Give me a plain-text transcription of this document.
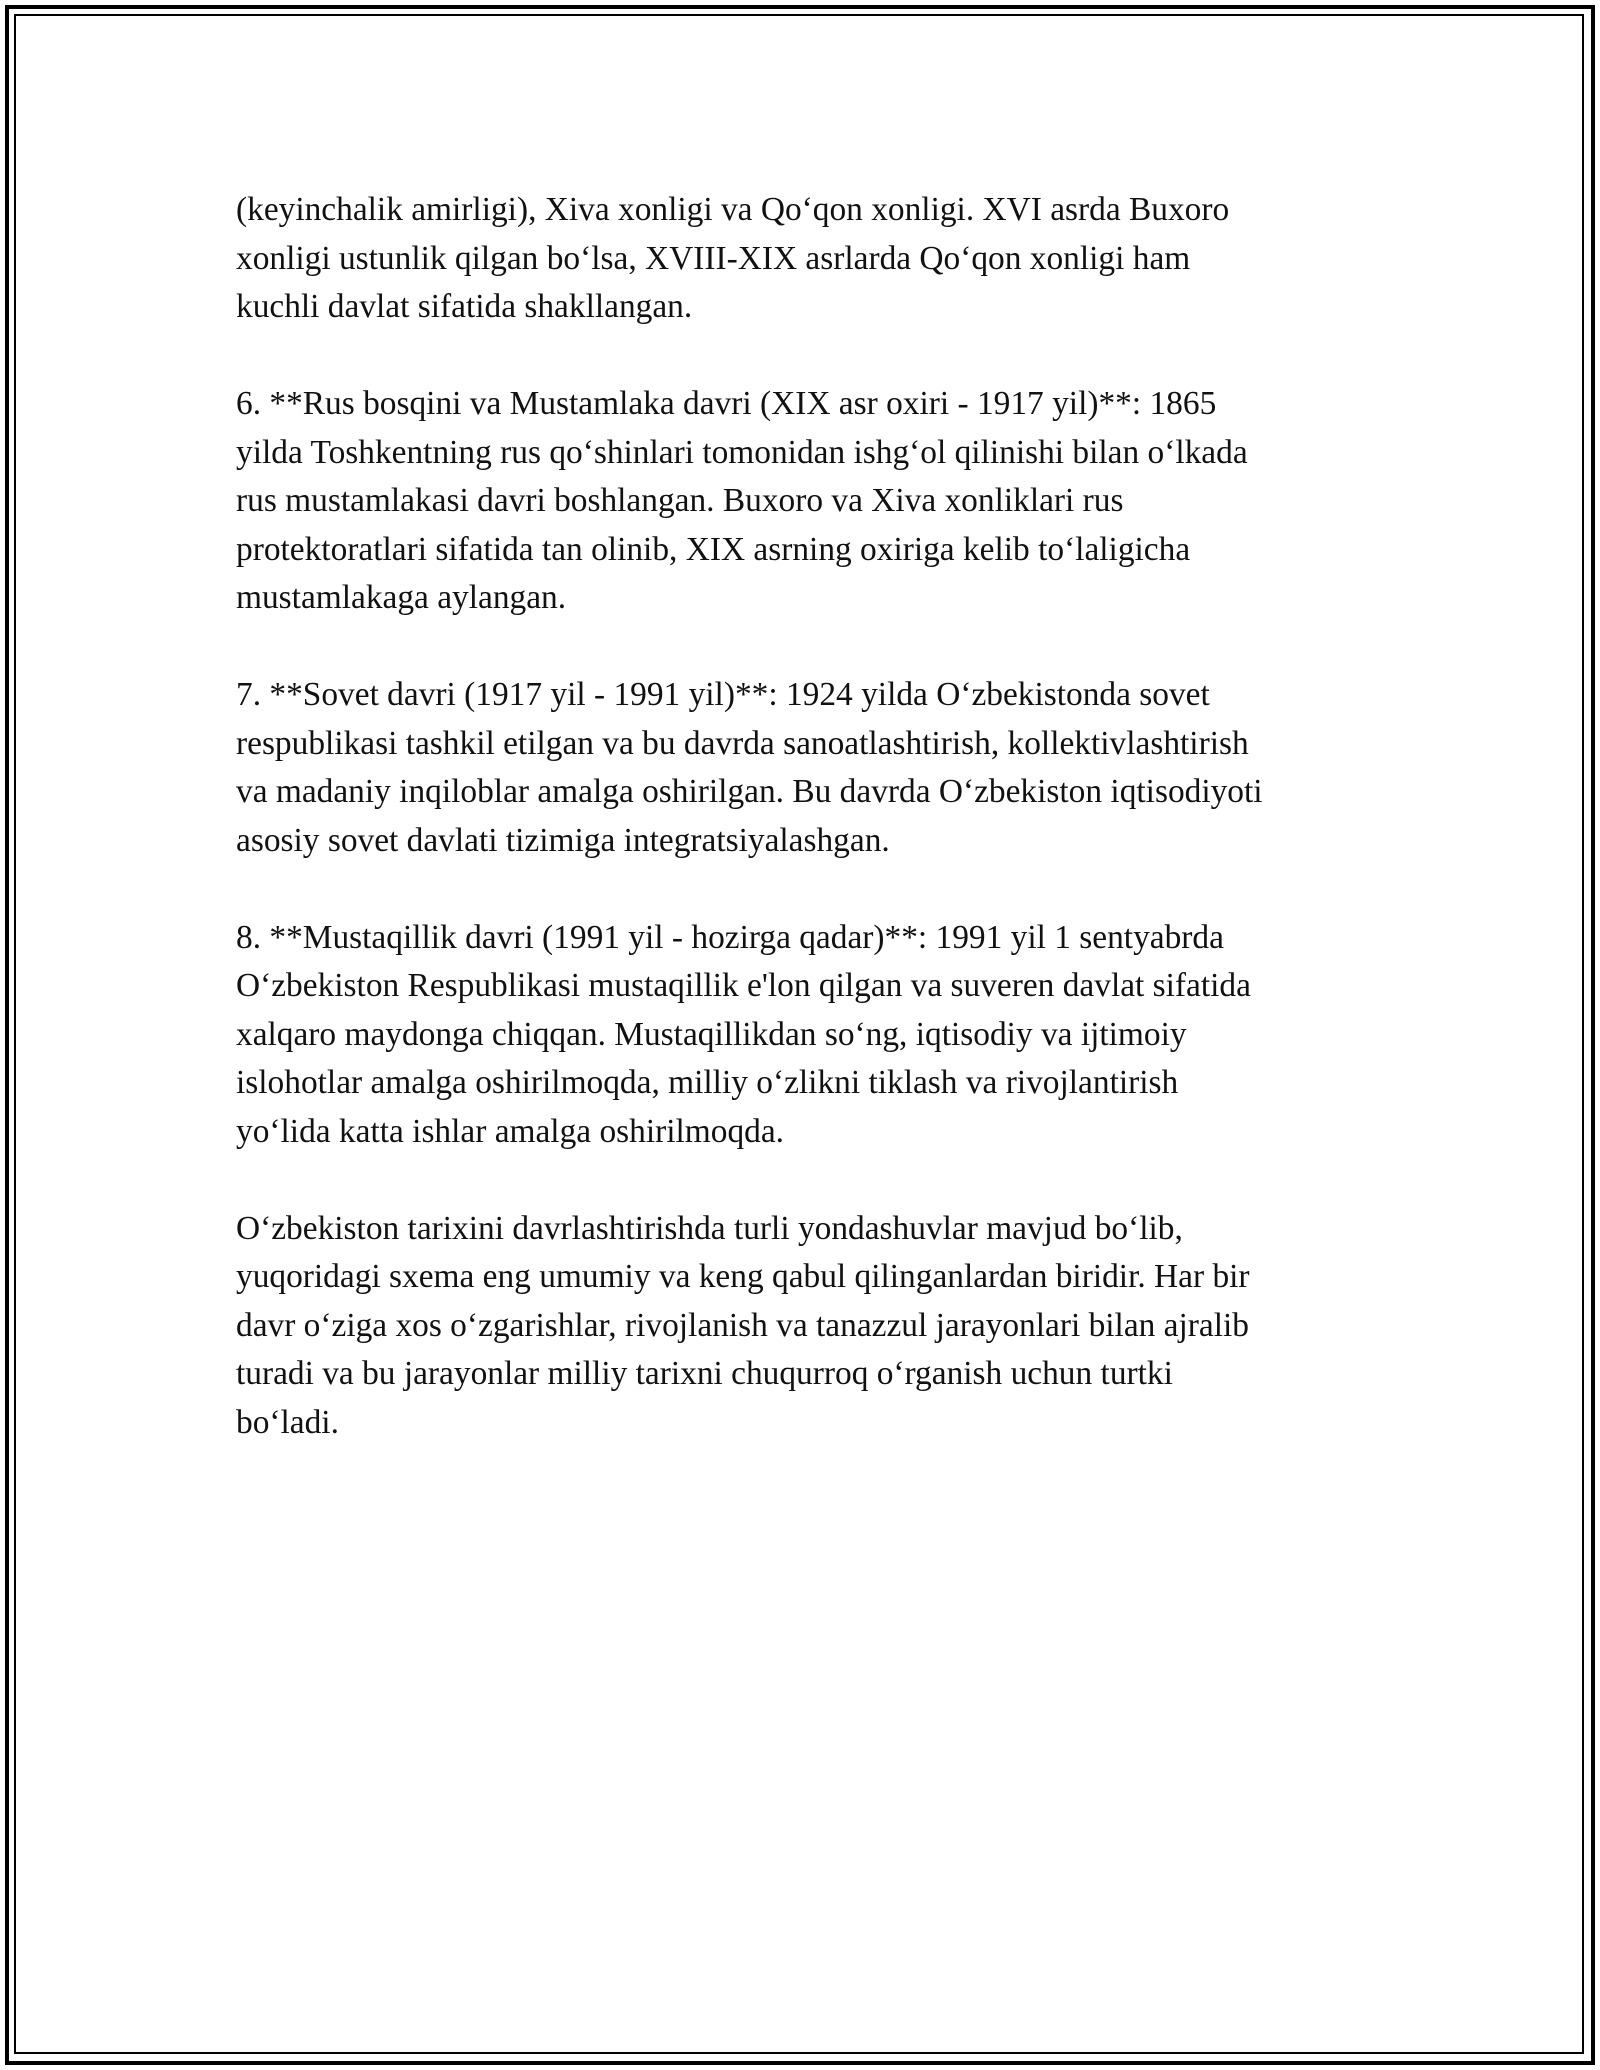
(keyinchalik amirligi), Xiva xonligi va Qo‘qon xonligi. XVI asrda Buxoro
xonligi ustunlik qilgan bo‘lsa, XVIII-XIX asrlarda Qo‘qon xonligi ham
kuchli davlat sifatida shakllangan.

6. **Rus bosqini va Mustamlaka davri (XIX asr oxiri - 1917 yil)**: 1865
yilda Toshkentning rus qo‘shinlari tomonidan ishg‘ol qilinishi bilan o‘lkada
rus mustamlakasi davri boshlangan. Buxoro va Xiva xonliklari rus
protektoratlari sifatida tan olinib, XIX asrning oxiriga kelib to‘laligicha
mustamlakaga aylangan.

7. **Sovet davri (1917 yil - 1991 yil)**: 1924 yilda O‘zbekistonda sovet
respublikasi tashkil etilgan va bu davrda sanoatlashtirish, kollektivlashtirish
va madaniy inqiloblar amalga oshirilgan. Bu davrda O‘zbekiston iqtisodiyoti
asosiy sovet davlati tizimiga integratsiyalashgan.

8. **Mustaqillik davri (1991 yil - hozirga qadar)**: 1991 yil 1 sentyabrda
O‘zbekiston Respublikasi mustaqillik e'lon qilgan va suveren davlat sifatida
xalqaro maydonga chiqqan. Mustaqillikdan so‘ng, iqtisodiy va ijtimoiy
islohotlar amalga oshirilmoqda, milliy o‘zlikni tiklash va rivojlantirish
yo‘lida katta ishlar amalga oshirilmoqda.

O‘zbekiston tarixini davrlashtirishda turli yondashuvlar mavjud bo‘lib,
yuqoridagi sxema eng umumiy va keng qabul qilinganlardan biridir. Har bir
davr o‘ziga xos o‘zgarishlar, rivojlanish va tanazzul jarayonlari bilan ajralib
turadi va bu jarayonlar milliy tarixni chuqurroq o‘rganish uchun turtki
bo‘ladi.
